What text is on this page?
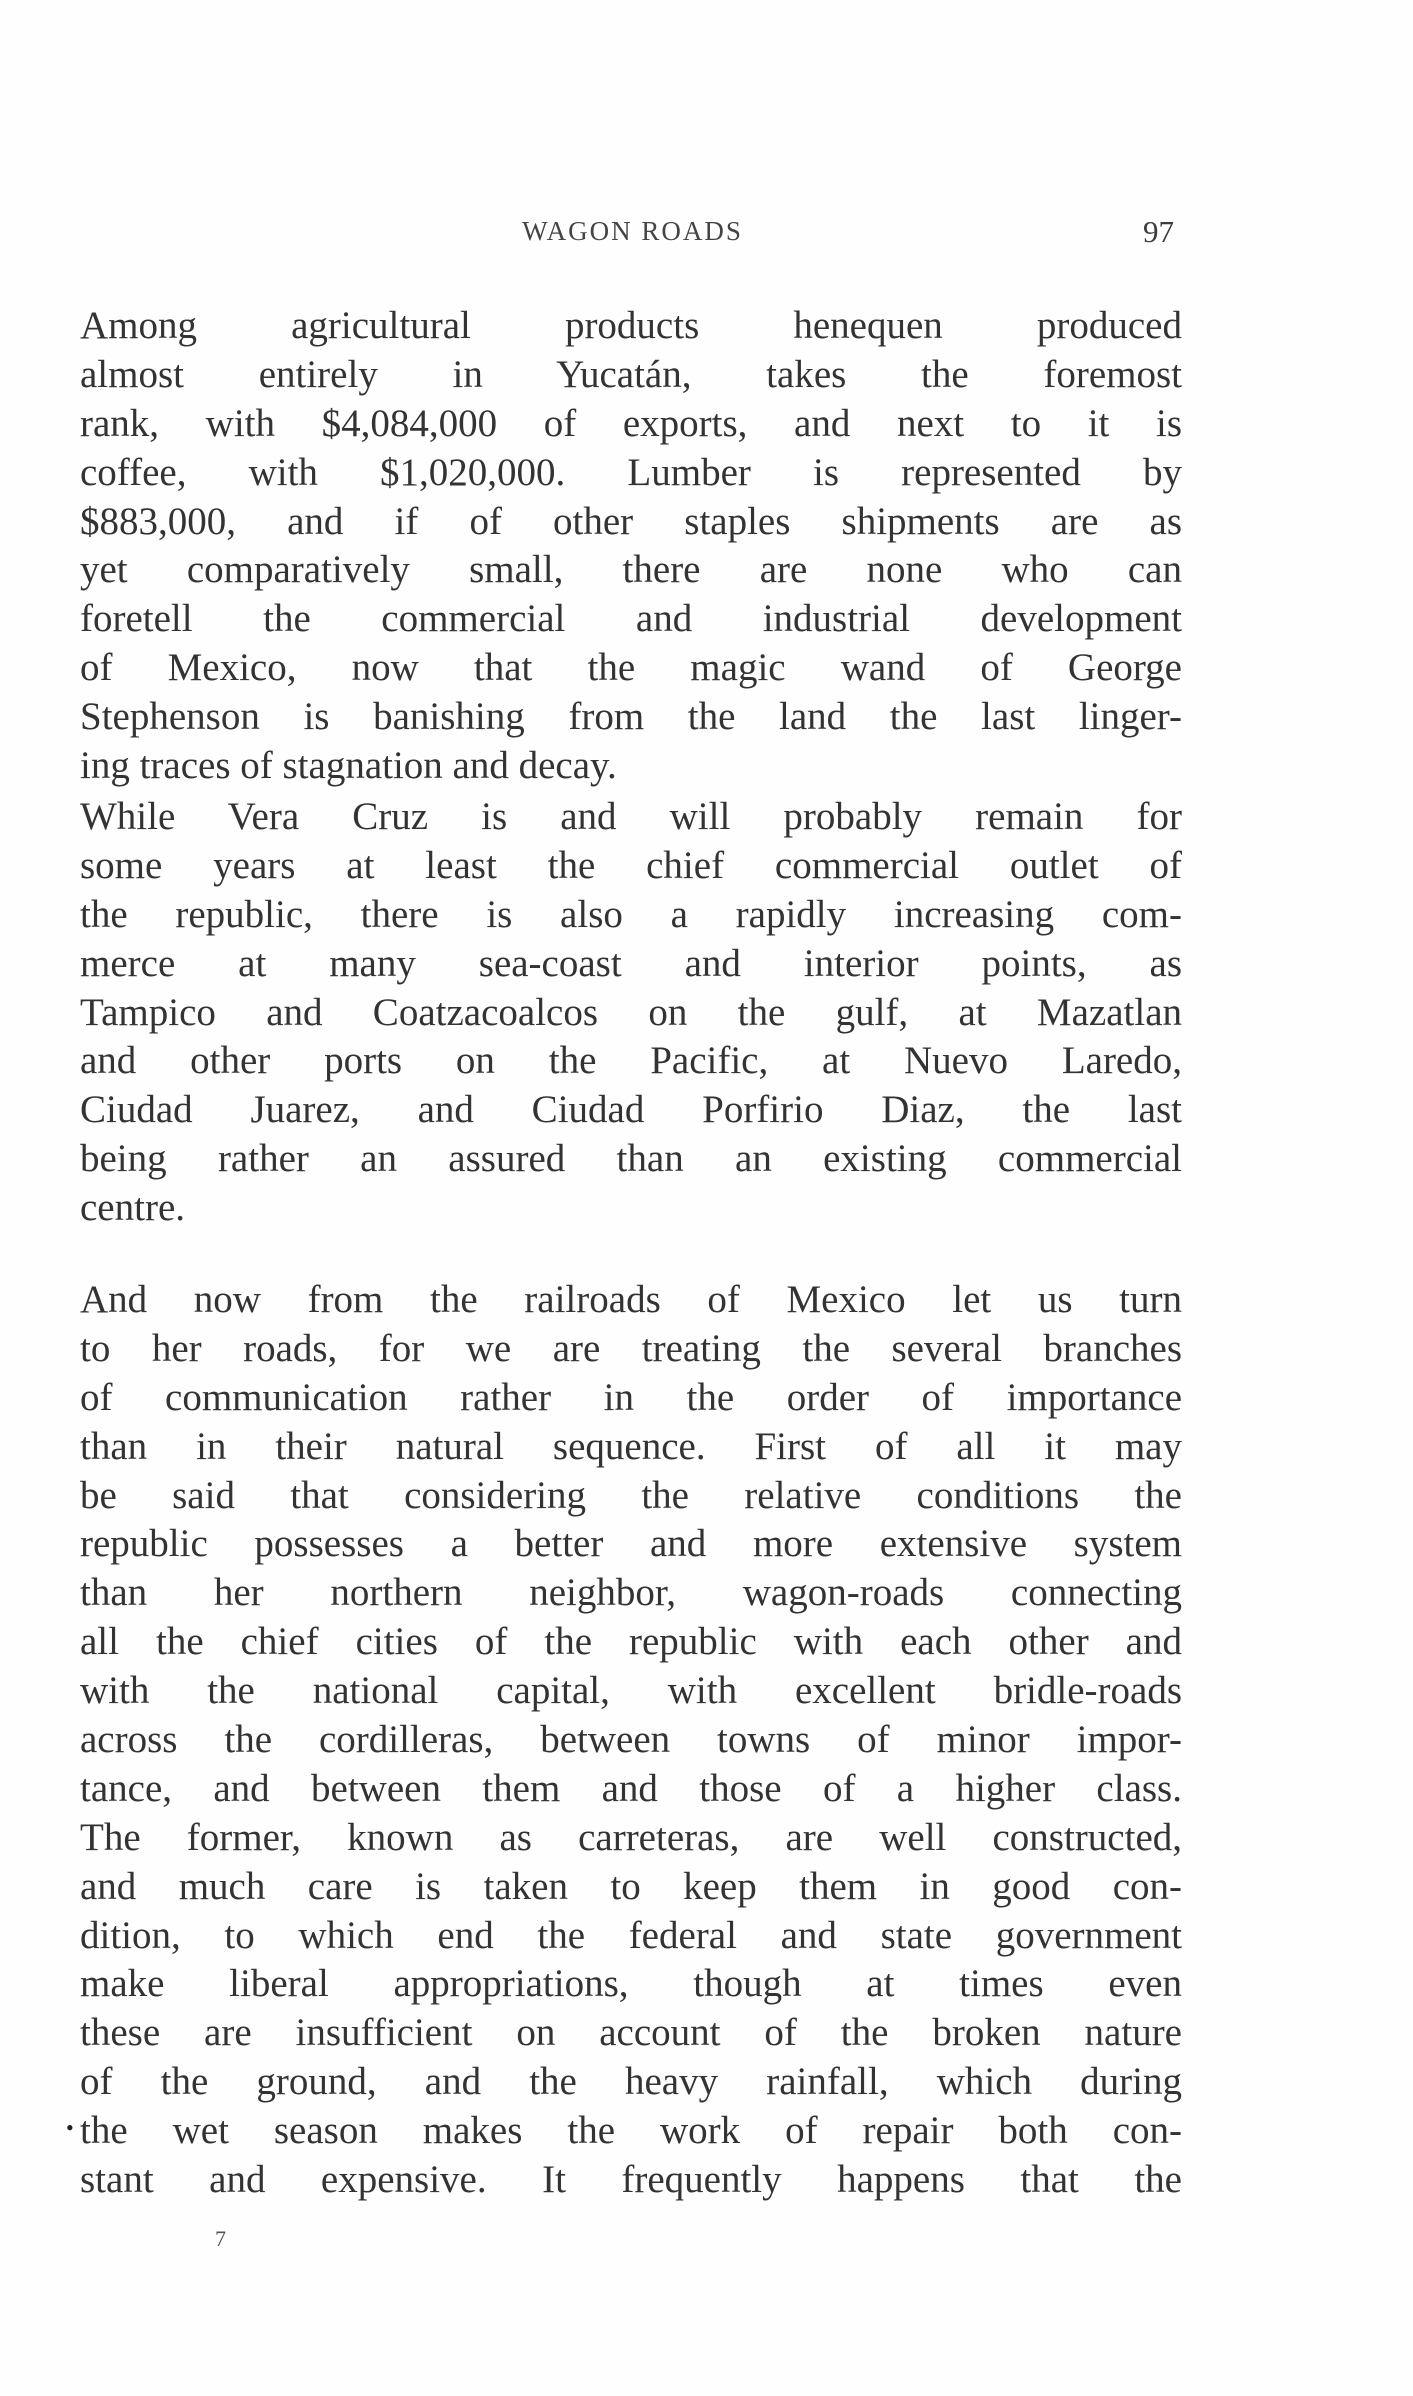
WAGON ROADS	97
Among agricultural products henequen produced
almost entirely in Yucatán, takes the foremost
rank, with $4,084,000 of exports, and next to it is
coffee, with $1,020,000. Lumber is represented by
$883,000, and if of other staples shipments are as
yet comparatively small, there are none who can
foretell the commercial and industrial development
of Mexico, now that the magic wand of George
Stephenson is banishing from the land the last linger-
ing traces of stagnation and decay.
While Vera Cruz is and will probably remain for
some years at least the chief commercial outlet of
the republic, there is also a rapidly increasing com-
merce at many sea-coast and interior points, as
Tampico and Coatzacoalcos on the gulf, at Mazatlan
and other ports on the Pacific, at Nuevo Laredo,
Ciudad Juarez, and Ciudad Porfirio Diaz, the last
being rather an assured than an existing commercial
centre.
And now from the railroads of Mexico let us turn
to her roads, for we are treating the several branches
of communication rather in the order of importance
than in their natural sequence. First of all it may
be said that considering the relative conditions the
republic possesses a better and more extensive system
than her northern neighbor, wagon-roads connecting
all the chief cities of the republic with each other and
with the national capital, with excellent bridle-roads
across the cordilleras, between towns of minor impor-
tance, and between them and those of a higher class.
The former, known as carreteras, are well constructed,
and much care is taken to keep them in good con-
dition, to which end the federal and state government
make liberal appropriations, though at times even
these are insufficient on account of the broken nature
of the ground, and the heavy rainfall, which during
the wet season makes the work of repair both con-
stant and expensive. It frequently happens that the
•
7
